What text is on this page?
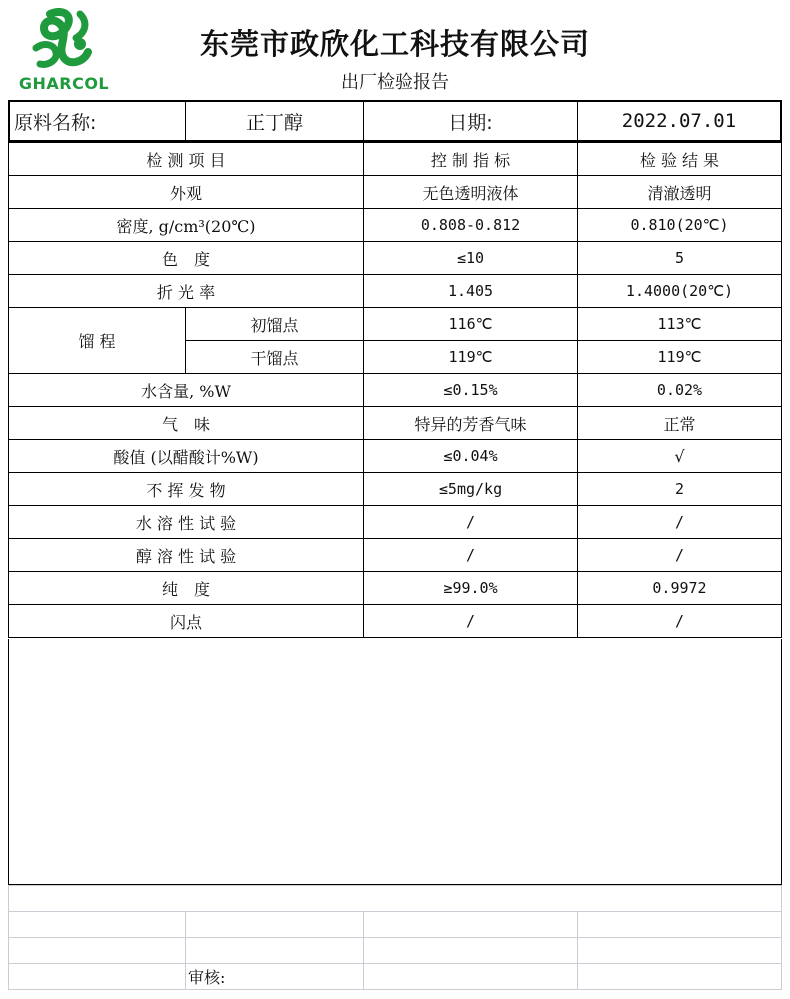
GHARCOL
东莞市政欣化工科技有限公司
出厂检验报告
原料名称:	正丁醇	日期:	2022.07.01
检 测 项 目		控 制 指 标	检 验 结 果
外观		无色透明液体	清澈透明
密度, g/cm³(20℃)		0.808-0.812	0.810(20℃)
色　度		≤10	5
折 光 率		1.405	1.4000(20℃)
馏 程	初馏点	116℃	113℃
	干馏点	119℃	119℃
水含量, %W		≤0.15%	0.02%
气　味		特异的芳香气味	正常
酸值 (以醋酸计%W)		≤0.04%	√
不 挥 发 物		≤5mg/kg	2
水 溶 性 试 验		/	/
醇 溶 性 试 验		/	/
纯　度		≥99.0%	0.9972
闪点		/	/

	审核:		
